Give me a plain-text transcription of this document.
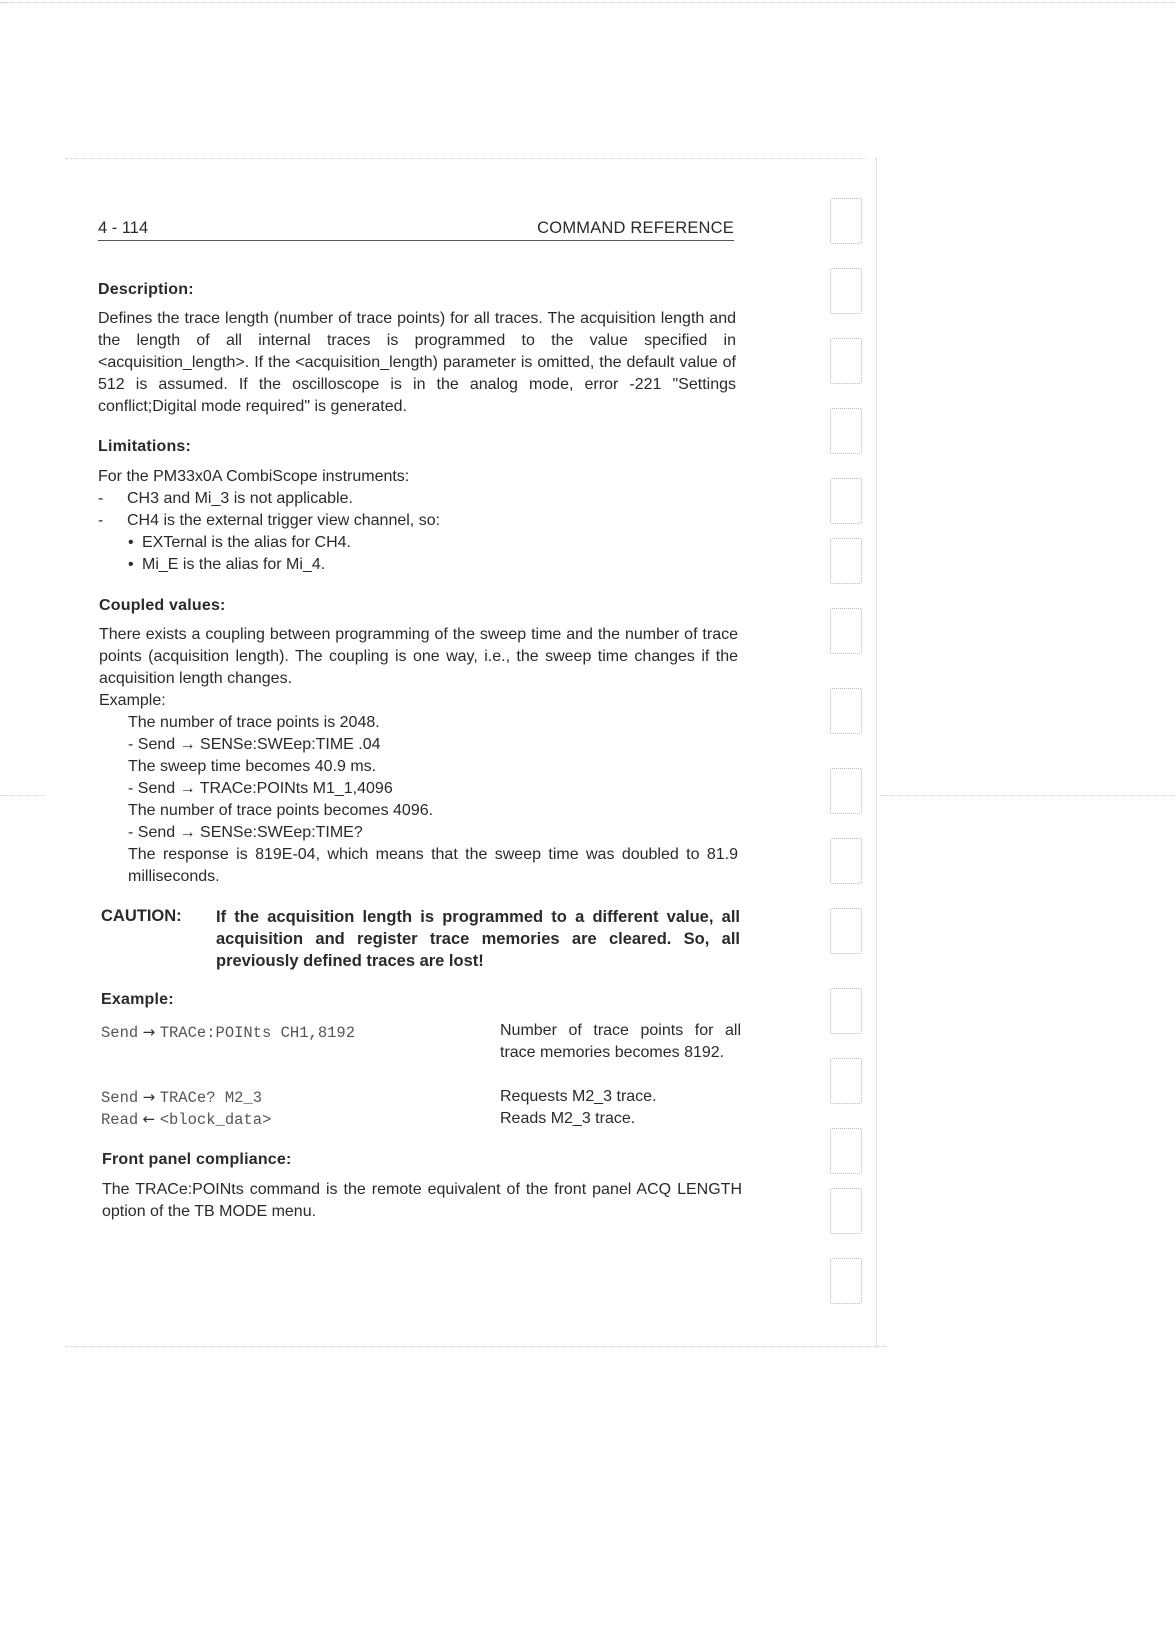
4 - 114	COMMAND REFERENCE
Description:
Defines the trace length (number of trace points) for all traces. The acquisition length and the length of all internal traces is programmed to the value specified in <acquisition_length>. If the <acquisition_length) parameter is omitted, the default value of 512 is assumed. If the oscilloscope is in the analog mode, error -221 "Settings conflict;Digital mode required" is generated.
Limitations:
For the PM33x0A CombiScope instruments:
- CH3 and Mi_3 is not applicable.
- CH4 is the external trigger view channel, so:
• EXTernal is the alias for CH4.
• Mi_E is the alias for Mi_4.
Coupled values:
There exists a coupling between programming of the sweep time and the number of trace points (acquisition length). The coupling is one way, i.e., the sweep time changes if the acquisition length changes.
Example:
The number of trace points is 2048.
- Send → SENSe:SWEep:TIME .04
The sweep time becomes 40.9 ms.
- Send → TRACe:POINts M1_1,4096
The number of trace points becomes 4096.
- Send → SENSe:SWEep:TIME?
The response is 819E-04, which means that the sweep time was doubled to 81.9 milliseconds.
CAUTION: If the acquisition length is programmed to a different value, all acquisition and register trace memories are cleared. So, all previously defined traces are lost!
Example:
Send → TRACe:POINts CH1,8192	Number of trace points for all trace memories becomes 8192.
Send → TRACe? M2_3	Requests M2_3 trace.
Read ← <block_data>	Reads M2_3 trace.
Front panel compliance:
The TRACe:POINts command is the remote equivalent of the front panel ACQ LENGTH option of the TB MODE menu.
